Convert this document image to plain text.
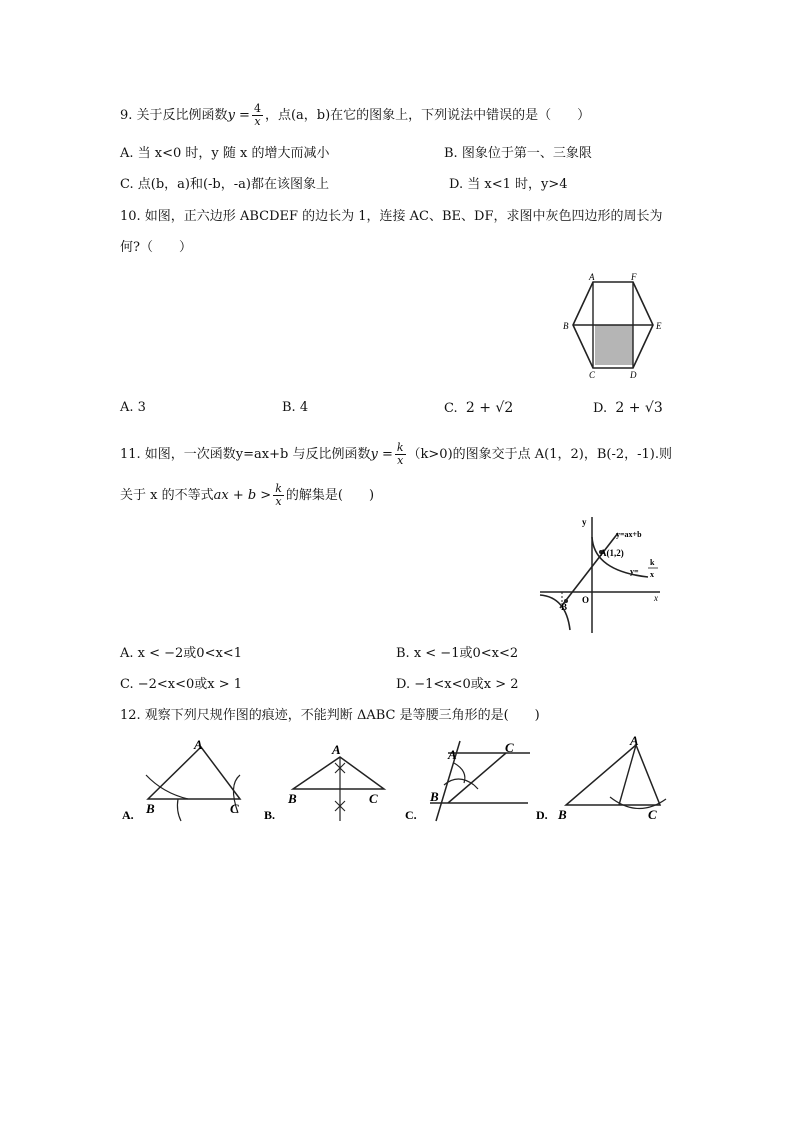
9. 关于反比例函数$y = \frac{4}{x}$ ，点(a，b)在它的图象上，下列说法中错误的是（　　）
A. 当 x<0 时，y 随 x 的增大而减小	B. 图象位于第一、三象限
C. 点(b，a)和(-b，-a)都在该图象上	D. 当 x<1 时，y>4
10. 如图，正六边形 ABCDEF 的边长为 1，连接 AC、BE、DF，求图中灰色四边形的周长为
何?（　　）
A	F
B	E
C	D
A. 3	B. 4	C. 2 + √2	D. 2 + √3
11. 如图，一次函数y=ax+b 与反比例函数$y = \frac{k}{x} (k>0)$的图象交于点 A(1，2)，B(-2，-1).则
关于 x 的不等式ax + $b > \frac{k}{x}$ 的解集是(　　)
y
x
O
A(1,2)
B
y=ax+b
y=
k
x
A. x < −2或0<x<1	B. x < −1或0<x<2
C. −2<x<0或x > 1	D. −1<x<0或x > 2
12. 观察下列尺规作图的痕迹，不能判断 ΔABC 是等腰三角形的是(　　)
A
B	C
A.
A
B	C
B.
A
B
C
C.
A
B	C
D.
